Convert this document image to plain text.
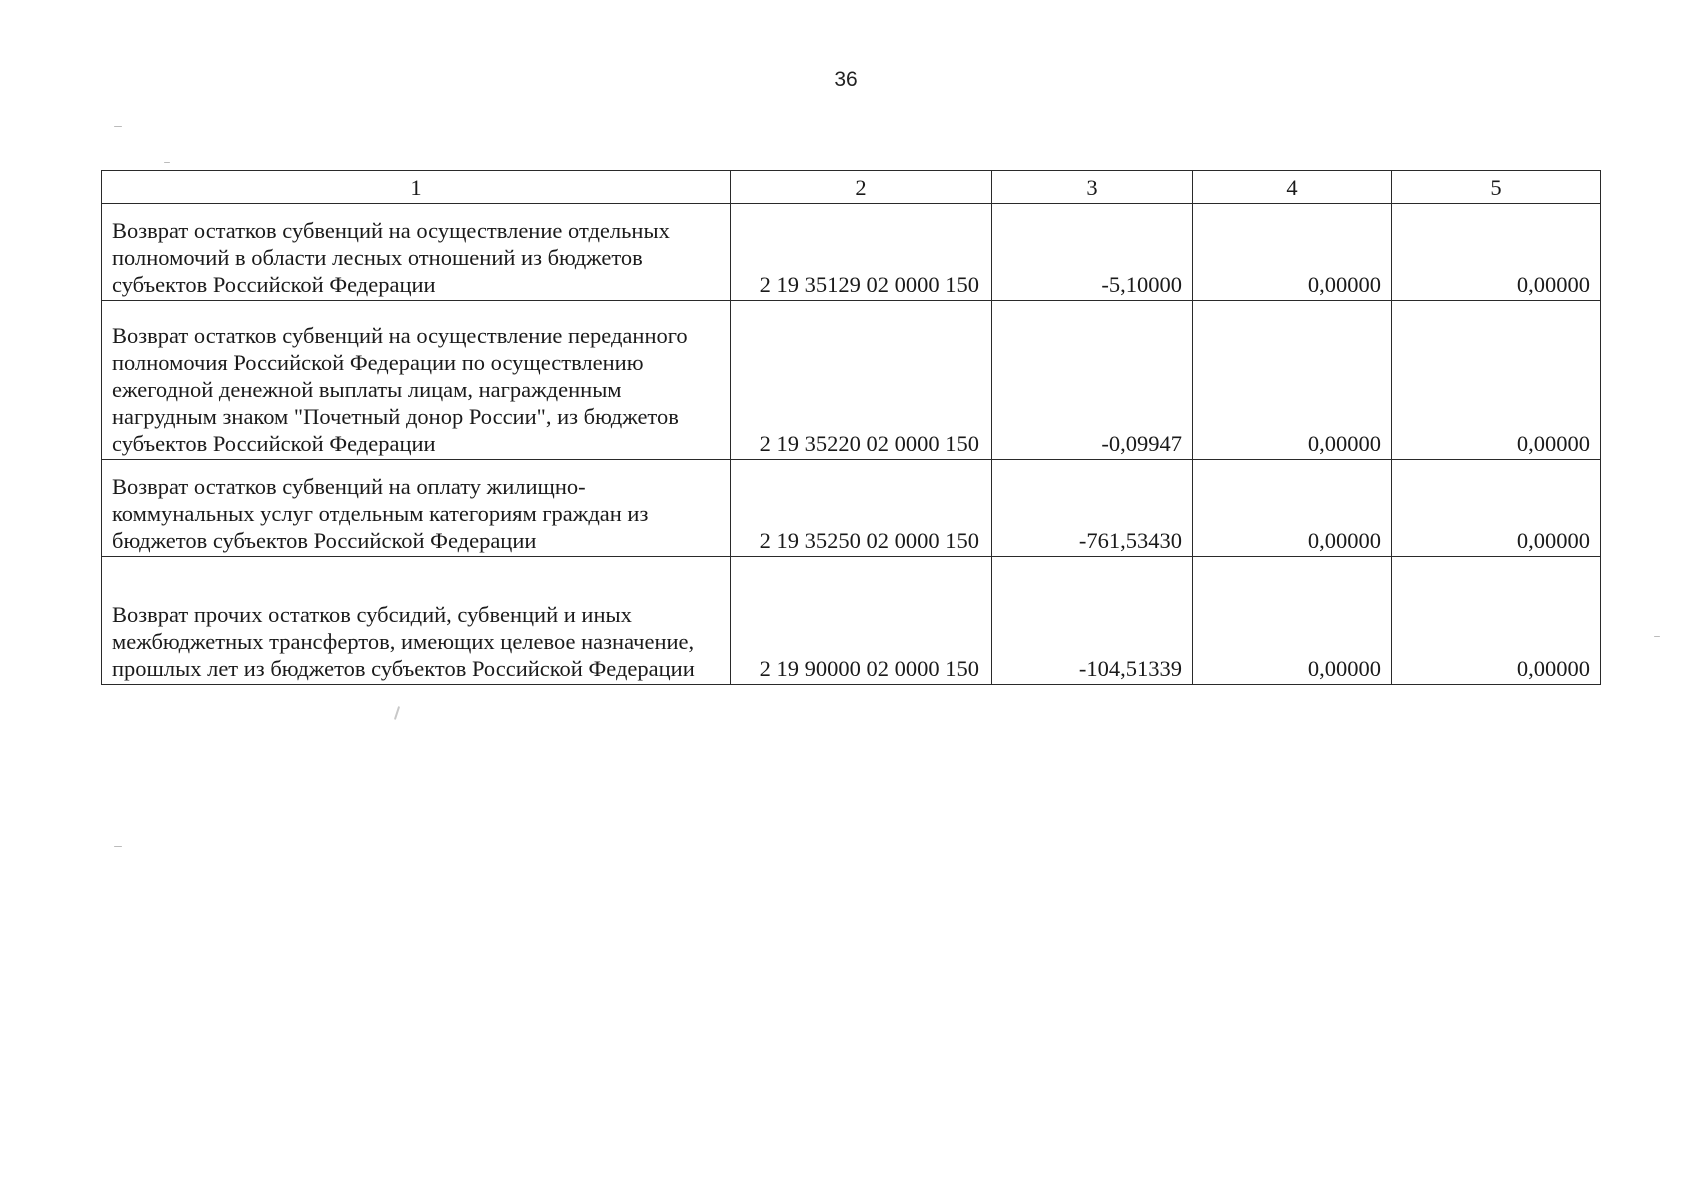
36
1	2	3	4	5
Возврат остатков субвенций на осуществление отдельных полномочий в области лесных отношений из бюджетов субъектов Российской Федерации	2 19 35129 02 0000 150	-5,10000	0,00000	0,00000
Возврат остатков субвенций на осуществление переданного полномочия Российской Федерации по осуществлению ежегодной денежной выплаты лицам, награжденным нагрудным знаком "Почетный донор России", из бюджетов субъектов Российской Федерации	2 19 35220 02 0000 150	-0,09947	0,00000	0,00000
Возврат остатков субвенций на оплату жилищно-коммунальных услуг отдельным категориям граждан из бюджетов субъектов Российской Федерации	2 19 35250 02 0000 150	-761,53430	0,00000	0,00000
Возврат прочих остатков субсидий, субвенций и иных межбюджетных трансфертов, имеющих целевое назначение, прошлых лет из бюджетов субъектов Российской Федерации	2 19 90000 02 0000 150	-104,51339	0,00000	0,00000
